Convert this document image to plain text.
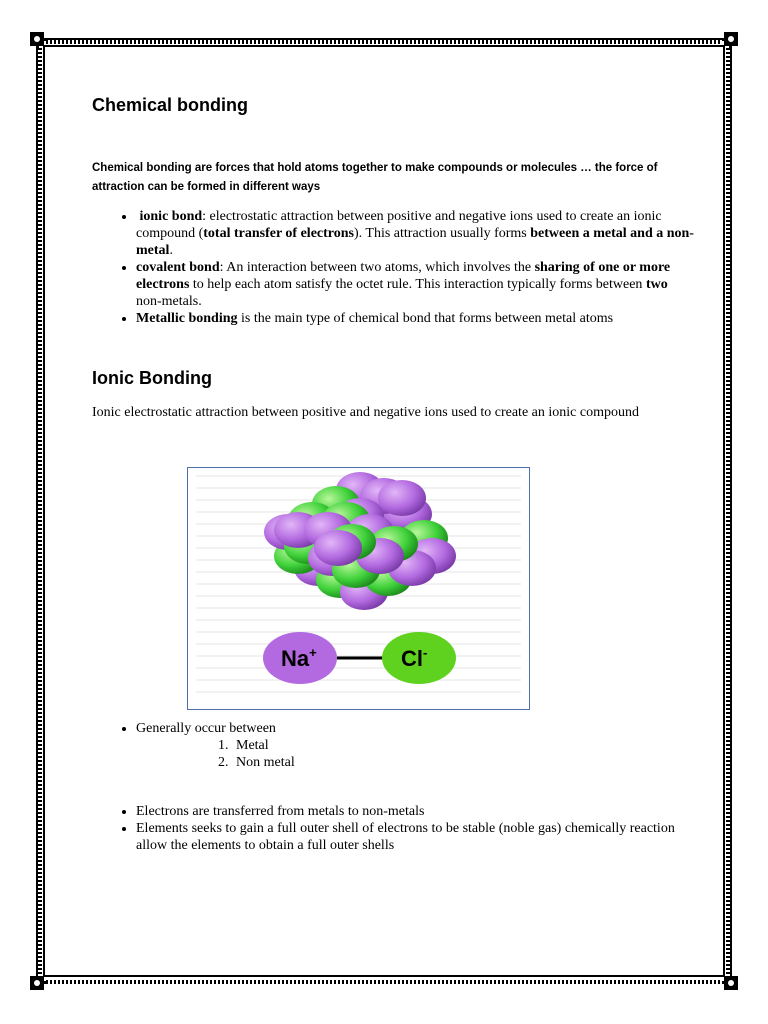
Chemical bonding

Chemical bonding are forces that hold atoms together to make compounds or molecules … the force of attraction can be formed in different ways

• ionic bond: electrostatic attraction between positive and negative ions used to create an ionic compound (total transfer of electrons). This attraction usually forms between a metal and a non-metal.
• covalent bond: An interaction between two atoms, which involves the sharing of one or more electrons to help each atom satisfy the octet rule. This interaction typically forms between two non-metals.
• Metallic bonding is the main type of chemical bond that forms between metal atoms
Ionic Bonding

Ionic electrostatic attraction between positive and negative ions used to create an ionic compound

Na+	Cl-
• Generally occur between
1. Metal
2. Non metal
• Electrons are transferred from metals to non-metals
• Elements seeks to gain a full outer shell of electrons to be stable (noble gas) chemically reaction allow the elements to obtain a full outer shells
